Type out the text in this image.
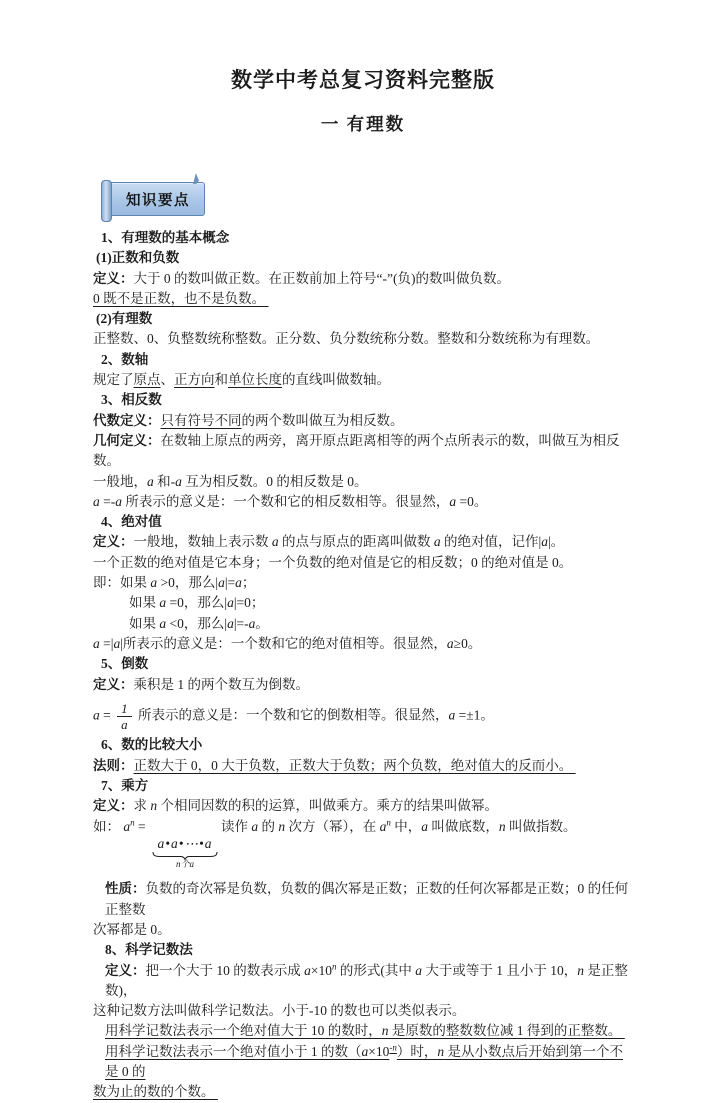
数学中考总复习资料完整版
一 有理数
知识要点
1、有理数的基本概念
(1)正数和负数
定义：大于 0 的数叫做正数。在正数前加上符号“-”(负)的数叫做负数。
0 既不是正数，也不是负数。
(2)有理数
正整数、0、负整数统称整数。正分数、负分数统称分数。整数和分数统称为有理数。
2、数轴
规定了原点、正方向和单位长度的直线叫做数轴。
3、相反数
代数定义：只有符号不同的两个数叫做互为相反数。
几何定义：在数轴上原点的两旁，离开原点距离相等的两个点所表示的数，叫做互为相反数。
一般地，a 和-a 互为相反数。0 的相反数是 0。
a =-a 所表示的意义是：一个数和它的相反数相等。很显然，a =0。
4、绝对值
定义：一般地，数轴上表示数 a 的点与原点的距离叫做数 a 的绝对值，记作|a|。
一个正数的绝对值是它本身；一个负数的绝对值是它的相反数；0 的绝对值是 0。
即：如果 a >0，那么|a|=a；
如果 a =0，那么|a|=0；
如果 a <0，那么|a|=-a。
a =|a|所表示的意义是：一个数和它的绝对值相等。很显然，a≥0。
5、倒数
定义：乘积是 1 的两个数互为倒数。
$a = \frac{1}{a}$ 所表示的意义是：一个数和它的倒数相等。很显然，a =±1。
6、数的比较大小
法则：正数大于 0，0 大于负数，正数大于负数；两个负数，绝对值大的反而小。
7、乘方
定义：求 n 个相同因数的积的运算，叫做乘方。乘方的结果叫做幂。
如： $a^n$ =
a•a•⋯•a
n个a
读作 a 的 n 次方（幂），在 $a^n$ 中，a 叫做底数，n 叫做指数。
性质：负数的奇次幂是负数，负数的偶次幂是正数；正数的任何次幂都是正数；0 的任何正整数
次幂都是 0。
8、科学记数法
定义：把一个大于 10 的数表示成 $a\times 10^n$ 的形式(其中 a 大于或等于 1 且小于 10，n 是正整数)，
这种记数方法叫做科学记数法。小于-10 的数也可以类似表示。
用科学记数法表示一个绝对值大于 10 的数时，n 是原数的整数数位减 1 得到的正整数。
用科学记数法表示一个绝对值小于 1 的数$(a\times 10^{-n})$时，n 是从小数点后开始到第一个不是 0 的
数为止的数的个数。
